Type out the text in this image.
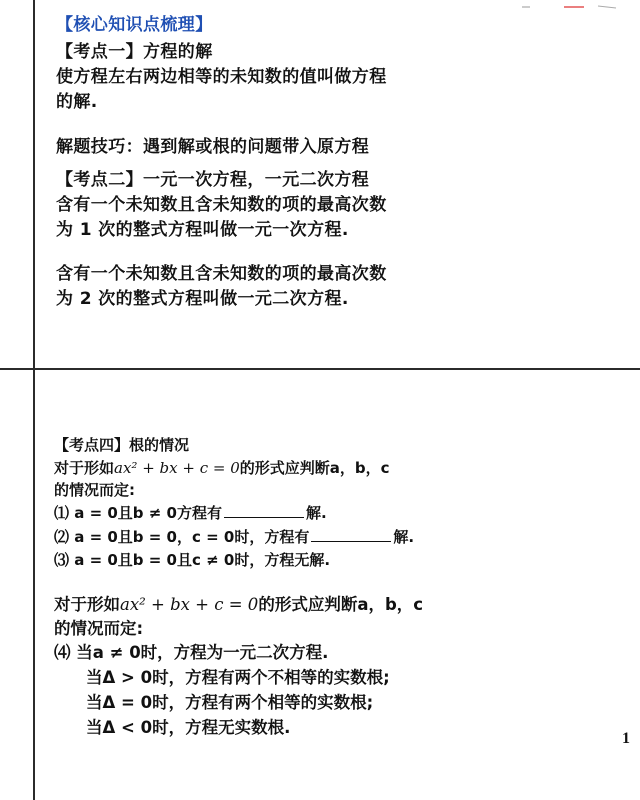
【核心知识点梳理】
【考点一】方程的解
使方程左右两边相等的未知数的值叫做方程
的解.
解题技巧：遇到解或根的问题带入原方程
【考点二】一元一次方程，一元二次方程
含有一个未知数且含未知数的项的最高次数
为 1 次的整式方程叫做一元一次方程.
含有一个未知数且含未知数的项的最高次数
为 2 次的整式方程叫做一元二次方程.
【考点四】根的情况
对于形如ax² + bx + c = 0的形式应判断a，b，c
的情况而定:
⑴ a = 0且b ≠ 0方程有	解.
⑵ a = 0且b = 0，c = 0时，方程有	解.
⑶ a = 0且b = 0且c ≠ 0时，方程无解.
对于形如ax² + bx + c = 0的形式应判断a，b，c
的情况而定:
⑷ 当a ≠ 0时，方程为一元二次方程.
当Δ > 0时，方程有两个不相等的实数根;
当Δ = 0时，方程有两个相等的实数根;
当Δ < 0时，方程无实数根.
1
